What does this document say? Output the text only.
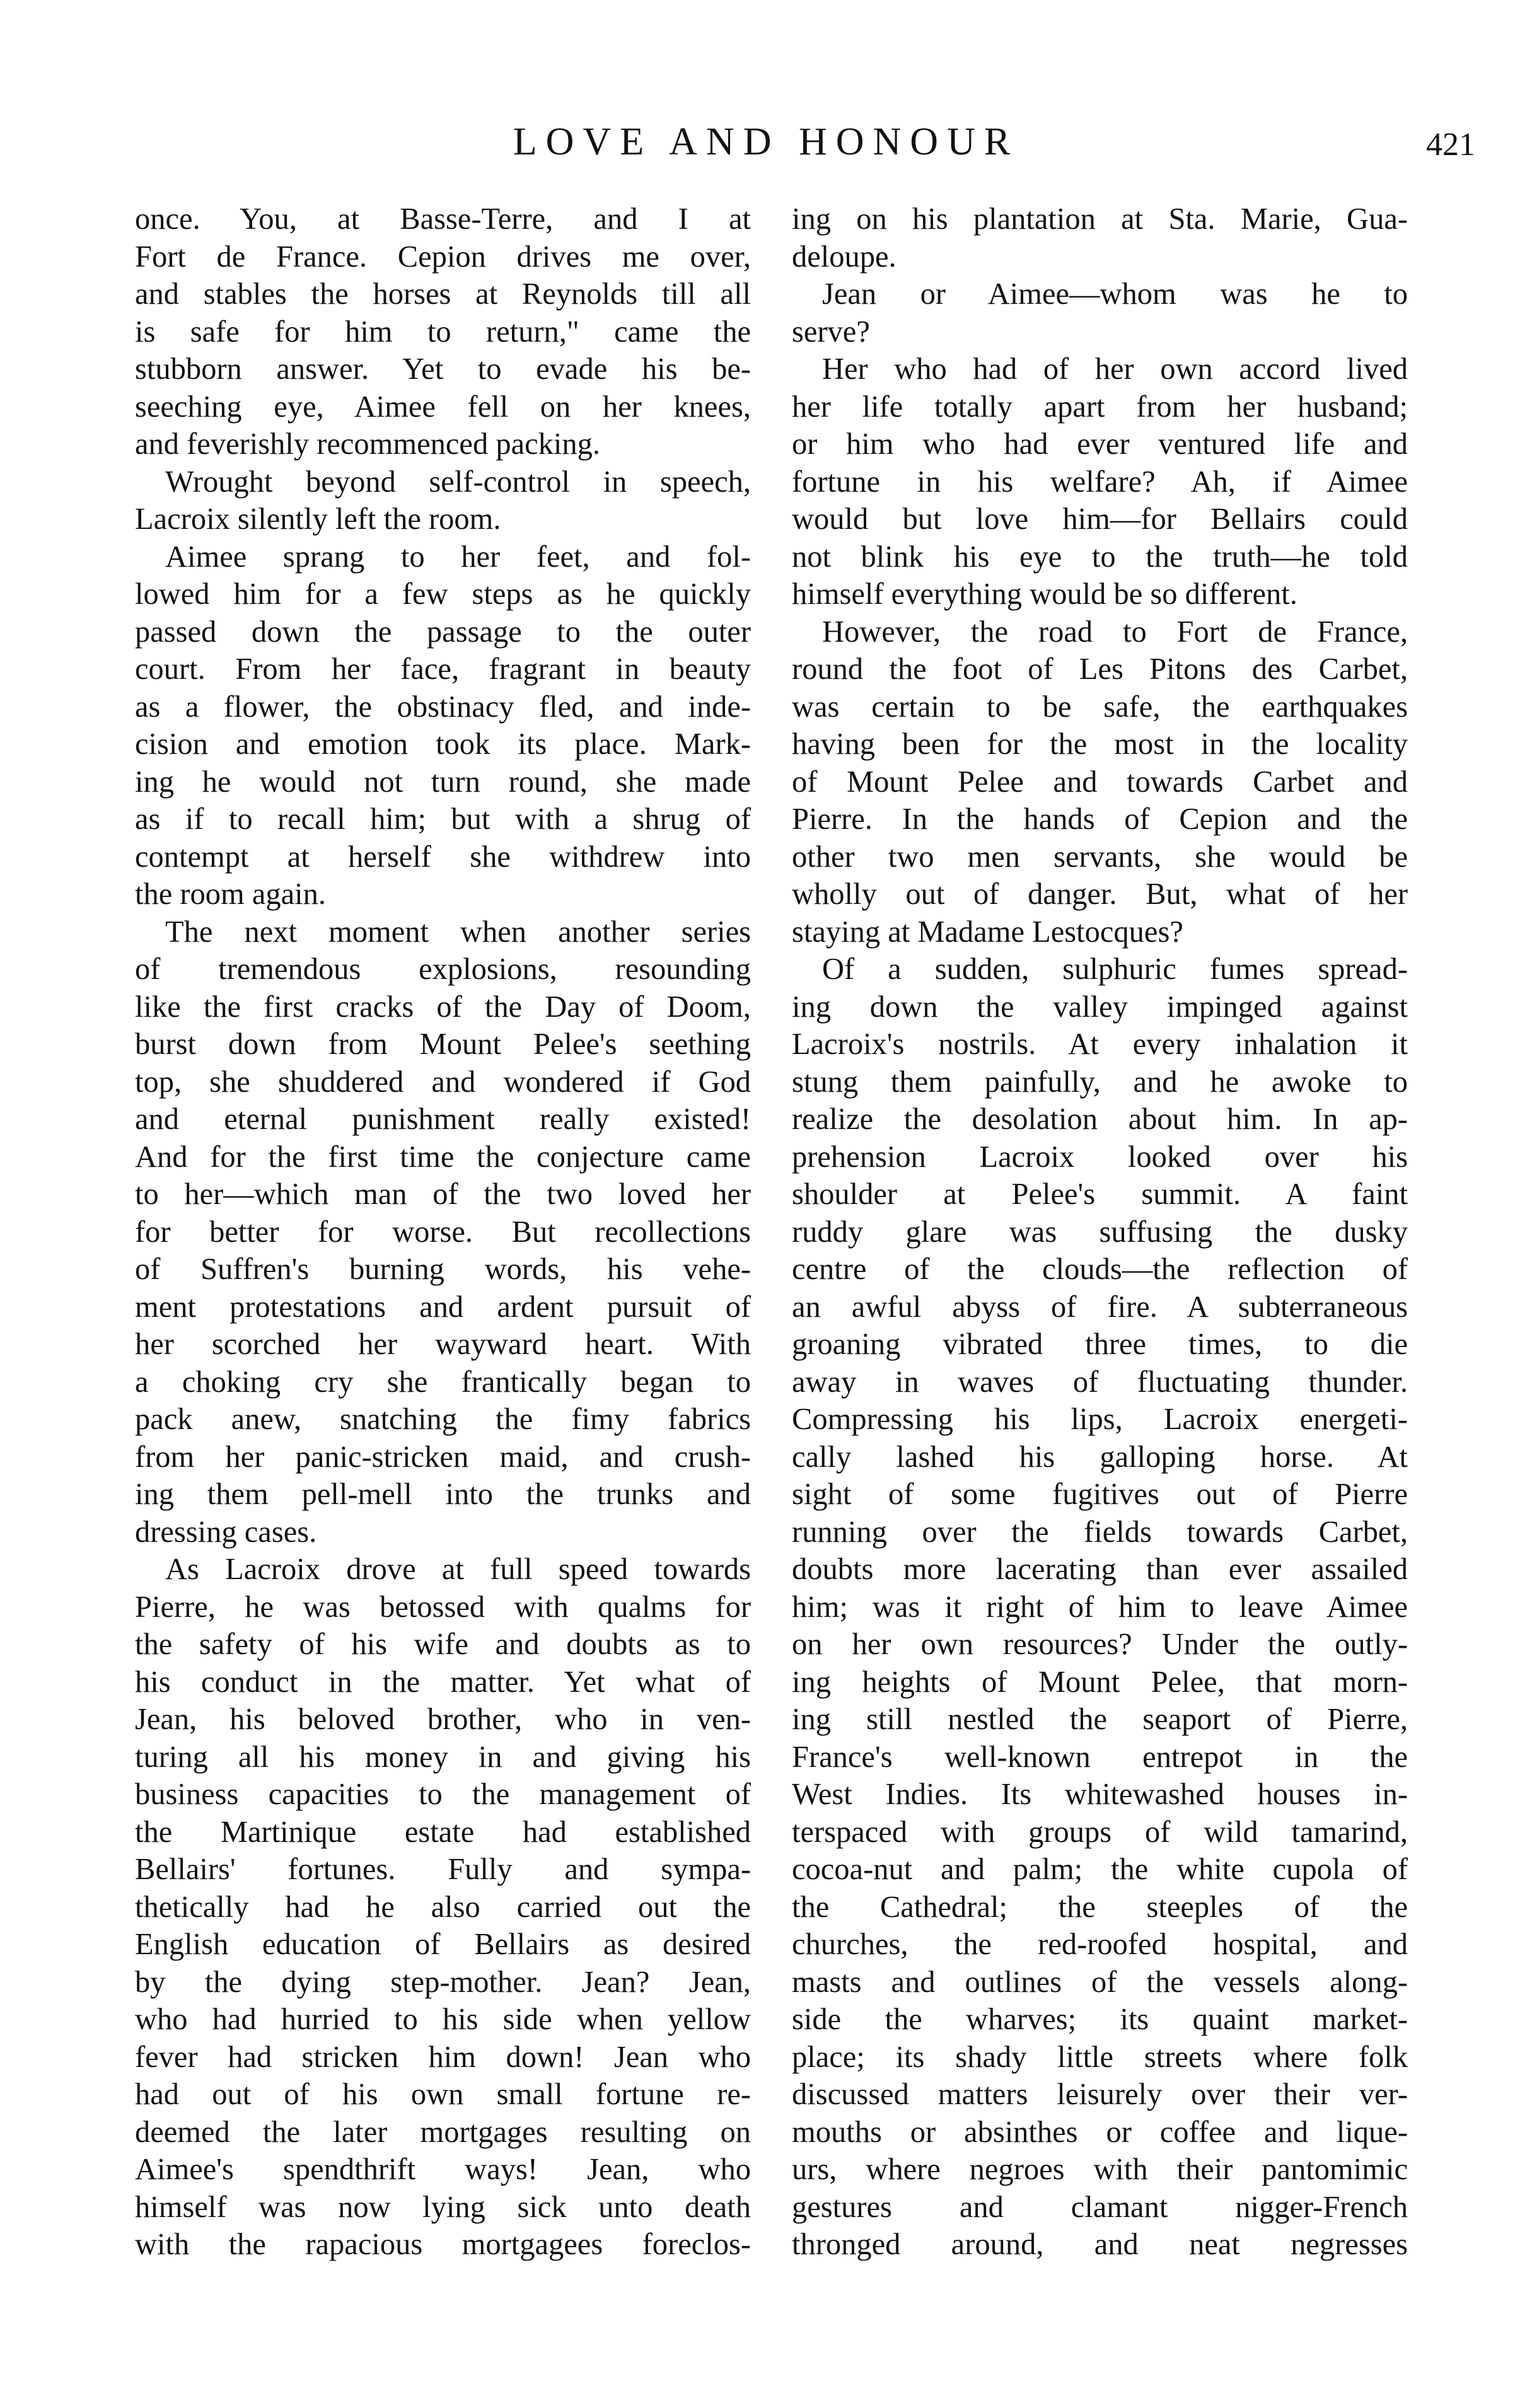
LOVE AND HONOUR	421
once. You, at Basse-Terre, and I at
Fort de France. Cepion drives me over,
and stables the horses at Reynolds till all
is safe for him to return," came the
stubborn answer. Yet to evade his be-
seeching eye, Aimee fell on her knees,
and feverishly recommenced packing.
Wrought beyond self-control in speech,
Lacroix silently left the room.
Aimee sprang to her feet, and fol-
lowed him for a few steps as he quickly
passed down the passage to the outer
court. From her face, fragrant in beauty
as a flower, the obstinacy fled, and inde-
cision and emotion took its place. Mark-
ing he would not turn round, she made
as if to recall him; but with a shrug of
contempt at herself she withdrew into
the room again.
The next moment when another series
of tremendous explosions, resounding
like the first cracks of the Day of Doom,
burst down from Mount Pelee's seething
top, she shuddered and wondered if God
and eternal punishment really existed!
And for the first time the conjecture came
to her—which man of the two loved her
for better for worse. But recollections
of Suffren's burning words, his vehe-
ment protestations and ardent pursuit of
her scorched her wayward heart. With
a choking cry she frantically began to
pack anew, snatching the fimy fabrics
from her panic-stricken maid, and crush-
ing them pell-mell into the trunks and
dressing cases.
As Lacroix drove at full speed towards
Pierre, he was betossed with qualms for
the safety of his wife and doubts as to
his conduct in the matter. Yet what of
Jean, his beloved brother, who in ven-
turing all his money in and giving his
business capacities to the management of
the Martinique estate had established
Bellairs' fortunes. Fully and sympa-
thetically had he also carried out the
English education of Bellairs as desired
by the dying step-mother. Jean? Jean,
who had hurried to his side when yellow
fever had stricken him down! Jean who
had out of his own small fortune re-
deemed the later mortgages resulting on
Aimee's spendthrift ways! Jean, who
himself was now lying sick unto death
with the rapacious mortgagees foreclos-
ing on his plantation at Sta. Marie, Gua-
deloupe.
Jean or Aimee—whom was he to
serve?
Her who had of her own accord lived
her life totally apart from her husband;
or him who had ever ventured life and
fortune in his welfare? Ah, if Aimee
would but love him—for Bellairs could
not blink his eye to the truth—he told
himself everything would be so different.
However, the road to Fort de France,
round the foot of Les Pitons des Carbet,
was certain to be safe, the earthquakes
having been for the most in the locality
of Mount Pelee and towards Carbet and
Pierre. In the hands of Cepion and the
other two men servants, she would be
wholly out of danger. But, what of her
staying at Madame Lestocques?
Of a sudden, sulphuric fumes spread-
ing down the valley impinged against
Lacroix's nostrils. At every inhalation it
stung them painfully, and he awoke to
realize the desolation about him. In ap-
prehension Lacroix looked over his
shoulder at Pelee's summit. A faint
ruddy glare was suffusing the dusky
centre of the clouds—the reflection of
an awful abyss of fire. A subterraneous
groaning vibrated three times, to die
away in waves of fluctuating thunder.
Compressing his lips, Lacroix energeti-
cally lashed his galloping horse. At
sight of some fugitives out of Pierre
running over the fields towards Carbet,
doubts more lacerating than ever assailed
him; was it right of him to leave Aimee
on her own resources? Under the outly-
ing heights of Mount Pelee, that morn-
ing still nestled the seaport of Pierre,
France's well-known entrepot in the
West Indies. Its whitewashed houses in-
terspaced with groups of wild tamarind,
cocoa-nut and palm; the white cupola of
the Cathedral; the steeples of the
churches, the red-roofed hospital, and
masts and outlines of the vessels along-
side the wharves; its quaint market-
place; its shady little streets where folk
discussed matters leisurely over their ver-
mouths or absinthes or coffee and lique-
urs, where negroes with their pantomimic
gestures and clamant nigger-French
thronged around, and neat negresses
